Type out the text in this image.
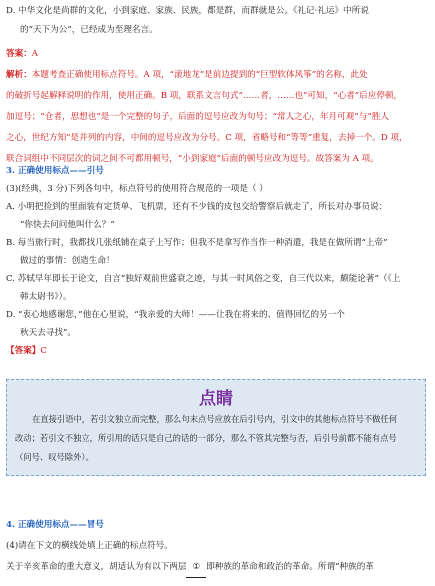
D. 中华文化是尚群的文化，小到家庭、家族、民族，都是群，而群就是公。《礼记·礼运》中所说

的“天下为公”，已经成为至理名言。

答案：A

解析：本题考查正确使用标点符号。A 项，“滚地龙”是前边提到的“巨型软体风筝”的名称，此处

的破折号起解释说明的作用，使用正确。B 项，联系文言句式“……者，……也”可知，“心者”后应停顿，

加逗号；“仓者，思想也”是一个完整的句子，后面的逗号应改为句号；“常人之心，年月可观”与“胜人

之心，世纪方知”是并列的内容，中间的逗号应改为分号。C 项，省略号和“等等”重复，去掉一个。D 项，

联合词组中不同层次的词之间不可都用顿号，“小到家庭”后面的顿号应改为逗号。故答案为 A 项。

3. 正确使用标点——引号

(3)(经典，3 分)下列各句中，标点符号的使用符合规范的一项是（ ）

A. 小明把捡到的里面装有定货单、飞机票，还有不少钱的皮包交给警察后就走了，所长对办事员说：

“你快去问问他叫什么？”

B. 每当旅行时，我都找几张纸铺在桌子上写作；但我不是拿写作当作一种消遣，我是在做所谓“上帝”

做过的事情：创造生命！

C. 苏轼早年即长于论文，自言“独好观前世盛衰之迹，与其一时风俗之变，自三代以来，颇能论著”（《上

韩太尉书》）。

D. “衷心地感谢您，”他在心里说，“我亲爱的大师！——让我在将来的、值得回忆的另一个

秋天去寻找”。

【答案】C

点睛
在直接引语中，若引文独立而完整，那么句末点号应放在后引号内，引文中的其他标点符号不做任何
改动；若引文不独立，所引用的话只是自己的话的一部分，那么不管其完整与否，后引号前都不能有点号
（问号、叹号除外）。

4. 正确使用标点——冒号

(4)请在下文的横线处填上正确的标点符号。

关于辛亥革命的重大意义，胡适认为有以下两层 ① 即种族的革命和政治的革命。所谓“种族的革
